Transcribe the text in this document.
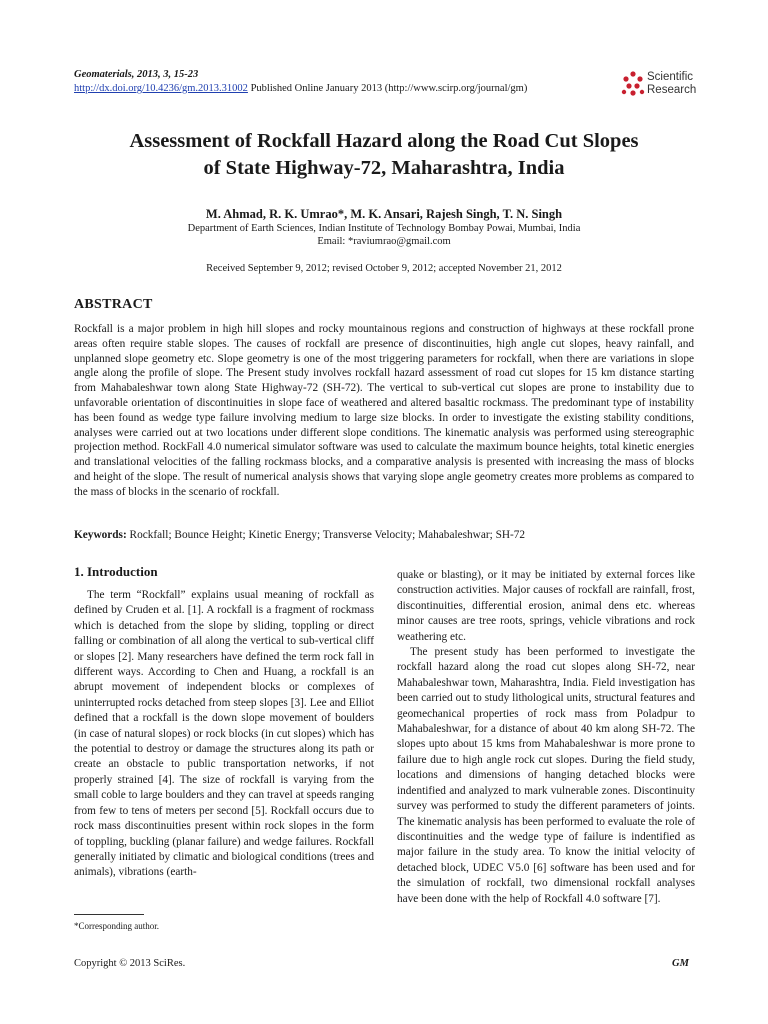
Geomaterials, 2013, 3, 15-23
http://dx.doi.org/10.4236/gm.2013.31002 Published Online January 2013 (http://www.scirp.org/journal/gm)
Scientific
Research
Assessment of Rockfall Hazard along the Road Cut Slopes
of State Highway-72, Maharashtra, India
M. Ahmad, R. K. Umrao*, M. K. Ansari, Rajesh Singh, T. N. Singh
Department of Earth Sciences, Indian Institute of Technology Bombay Powai, Mumbai, India
Email: *raviumrao@gmail.com
Received September 9, 2012; revised October 9, 2012; accepted November 21, 2012
ABSTRACT
Rockfall is a major problem in high hill slopes and rocky mountainous regions and construction of highways at these rockfall prone areas often require stable slopes. The causes of rockfall are presence of discontinuities, high angle cut slopes, heavy rainfall, and unplanned slope geometry etc. Slope geometry is one of the most triggering parameters for rockfall, when there are variations in slope angle along the profile of slope. The Present study involves rockfall hazard assessment of road cut slopes for 15 km distance starting from Mahabaleshwar town along State Highway-72 (SH-72). The vertical to sub-vertical cut slopes are prone to instability due to unfavorable orientation of discontinuities in slope face of weathered and altered basaltic rockmass. The predominant type of instability has been found as wedge type failure involving medium to large size blocks. In order to investigate the existing stability conditions, analyses were carried out at two locations under different slope conditions. The kinematic analysis was performed using stereographic projection method. RockFall 4.0 numerical simulator software was used to calculate the maximum bounce heights, total kinetic energies and translational velocities of the falling rockmass blocks, and a comparative analysis is presented with increasing the mass of blocks and height of the slope. The result of numerical analysis shows that varying slope angle geometry creates more problems as compared to the mass of blocks in the scenario of rockfall.
Keywords: Rockfall; Bounce Height; Kinetic Energy; Transverse Velocity; Mahabaleshwar; SH-72
1. Introduction

The term “Rockfall” explains usual meaning of rockfall as defined by Cruden et al. [1]. A rockfall is a fragment of rockmass which is detached from the slope by sliding, toppling or direct falling or combination of all along the vertical to sub-vertical cliff or slopes [2]. Many researchers have defined the term rock fall in different ways. According to Chen and Huang, a rockfall is an abrupt movement of independent blocks or complexes of uninterrupted rocks detached from steep slopes [3]. Lee and Elliot defined that a rockfall is the down slope movement of boulders (in case of natural slopes) or rock blocks (in cut slopes) which has the potential to destroy or damage the structures along its path or create an obstacle to public transportation networks, if not properly strained [4]. The size of rockfall is varying from the small coble to large boulders and they can travel at speeds ranging from few to tens of meters per second [5]. Rockfall occurs due to rock mass discontinuities present within rock slopes in the form of toppling, buckling (planar failure) and wedge failures. Rockfall generally initiated by climatic and biological conditions (trees and animals), vibrations (earth-

quake or blasting), or it may be initiated by external forces like construction activities. Major causes of rockfall are rainfall, frost, discontinuities, differential erosion, animal dens etc. whereas minor causes are tree roots, springs, vehicle vibrations and rock weathering etc.

The present study has been performed to investigate the rockfall hazard along the road cut slopes along SH-72, near Mahabaleshwar town, Maharashtra, India. Field investigation has been carried out to study lithological units, structural features and geomechanical properties of rock mass from Poladpur to Mahabaleshwar, for a distance of about 40 km along SH-72. The slopes upto about 15 kms from Mahabaleshwar is more prone to failure due to high angle rock cut slopes. During the field study, locations and dimensions of hanging detached blocks were indentified and analyzed to mark vulnerable zones. Discontinuity survey was performed to study the different parameters of joints. The kinematic analysis has been performed to evaluate the role of discontinuities and the wedge type of failure is indentified as major failure in the study area. To know the initial velocity of detached block, UDEC V5.0 [6] software has been used and for the simulation of rockfall, two dimensional rockfall analyses have been done with the help of Rockfall 4.0 software [7].

*Corresponding author.
Copyright © 2013 SciRes.	GM
